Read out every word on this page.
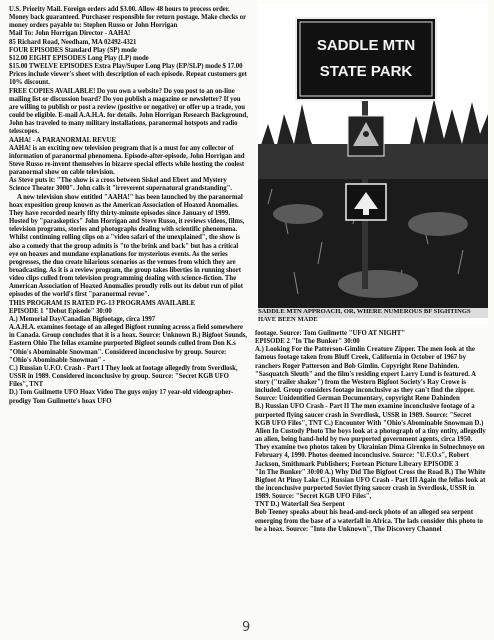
U.S. Priority Mail. Foreign orders add $3.00. Allow 48 hours to process order. Money back guaranteed. Purchaser responsible for return postage. Make checks or money orders payable to: Stephen Russo or John Horrigan

Mail To: John Horrigan Director - AAHA!

85 Richard Road, Needham, MA 02492-4321

FOUR EPISODES Standard Play (SP) mode

$12.00 EIGHT EPISODES Long Play (LP) mode

$15.00 TWELVE EPISODES Extra Play/Super Long Play (EP/SLP) mode $ 17.00 Prices include viewer's sheet with description of each episode. Repeat customers get 10% discount.

FREE COPIES AVAILABLE! Do you own a website? Do you post to an on-line mailing list or discussion board? Do you publish a magazine or newsletter? If you are willing to publish or post a review (positive or negative) or offer up a trade, you could be eligible. E-mail A.A.H.A. for details. John Horrigan Research Background, John has traveled to many military installations, paranormal hotspots and radio telescopes.

AAHA! - A PARANORMAL REVUE

AAHA! is an exciting new television program that is a must for any collector of information of paranormal phenomena. Episode-after-episode, John Horrigan and Steve Russo re-invent themselves in bizarre special effects while hosting the coolest paranormal show on cable television.

As Steve puts it: "The show is a cross between Siskel and Ebert and Mystery Science Theater 3000". John calls it "irreverent supernatural grandstanding".

A new television show entitled "AAHA!" has been launched by the paranormal hoax exposition group known as the American Association of Hoaxed Anomalies. They have recorded nearly fifty thirty-minute episodes since January of 1999. Hosted by "paraskeptics" John Horrigan and Steve Russo, it reviews videos, films, television programs, stories and photographs dealing with scientific phenomena. Whilst continuing rolling clips on a "video safari of the unexplained", the show is also a comedy that the group admits is "to the brink and back" but has a critical eye on hoaxes and mundane explanations for mysterious events. As the series progresses, the duo create hilarious scenarios as the venues from which they are broadcasting. As it is a review program, the group takes liberties in running short video clips culled from television programming dealing with science-fiction. The American Association of Hoaxed Anomalies proudly rolls out its debut run of pilot episodes of the world's first "paranormal revue".

THIS PROGRAM IS RATED PG-13 PROGRAMS AVAILABLE

EPISODE 1 "Debut Episode" 30:00

A.) Memorial Day/Canadian Bigfootage, circa 1997

A.A.H.A. examines footage of an alleged Bigfoot running across a field somewhere in Canada. Group concludes that it is a hoax. Source: Unknown B.) Bigfoot Sounds, Eastern Ohio The fellas examine purported Bigfoot sounds culled from Don K.s "Ohio's Abominable Snowman". Considered inconclusive by group. Source: "Ohio's Abominable Snowman" -

C.) Russian U.F.O. Crash - Part I They look at footage allegedly from Sverdlosk, USSR in 1989. Considered inconclusive by group. Source: "Secret KGB UFO Files", TNT

D.) Tom Guilmette UFO Hoax Video The guys enjoy 17 year-old videographer-prodigy Tom Guilmette's hoax UFO

SADDLE MTN
STATE PARK
SADDLE MTN APPROACH, OR, WHERE NUMEROUS BF SIGHTINGS HAVE BEEN MADE

footage. Source: Tom Guilmette "UFO AT NIGHT"

EPISODE 2 "In The Bunker" 30:00

A.) Looking For the Patterson-Gimlin Creature Zipper. The men look at the famous footage taken from Bluff Creek, California in October of 1967 by ranchers Roger Patterson and Bob Gimlin. Copyright Rene Dahinden. "Sasquatch Sleuth" and the film's residing expert Larry Lund is featured. A story ("trailer shaker") from the Western Bigfoot Society's Ray Crowe is included. Group considers footage inconclusive as they can't find the zipper. Source: Unidentified German Documentary, copyright Rene Dahinden

B.) Russian UFO Crash - Part II The men examine inconclusive footage of a purported flying saucer crash in Sverdlosk, USSR in 1989. Source: "Secret KGB UFO Files", TNT C.) Encounter With "Ohio's Abominable Snowman D.) Alien In Custody Photo The boys look at a photograph of a tiny entity, allegedly an alien, being hand-held by two purported government agents, circa 1950. They examine two photos taken by Ukrainian Dima Girenko in Solnechnoye on February 4, 1990. Photos deemed inconclusive. Source: "U.F.O.s", Robert Jackson, Smithmark Publishers; Fortean Picture Library EPISODE 3

"In The Bunker" 30:00 A.) Why Did The Bigfoot Cross the Road B.) The White Bigfoot At Pinsy Lake C.) Russian UFO Crash - Part III Again the fellas look at the inconclusive purported Soviet flying saucer crash in Sverdlosk, USSR in 1989. Source: "Secret KGB UFO Files",

TNT D.) Waterfall Sea Serpent

Bob Teeney speaks about his head-and-neck photo of an alleged sea serpent emerging from the base of a waterfall in Africa. The lads consider this photo to be a hoax. Source: "Into the Unknown", The Discovery Channel

9
